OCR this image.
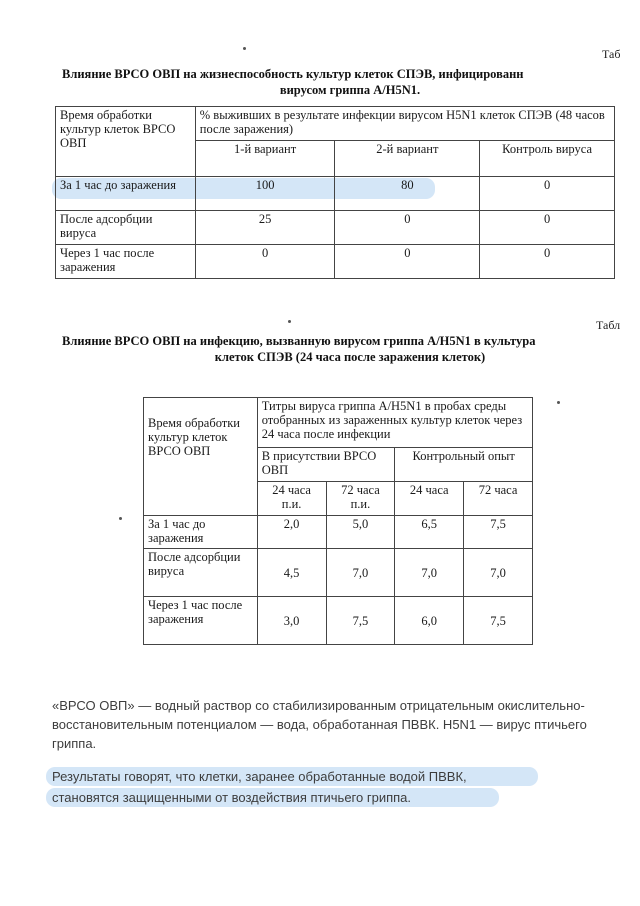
Таб
Влияние ВРСО ОВП на жизнеспособность культур клеток СПЭВ, инфицированн
вирусом гриппа А/H5N1.
Время обработки культур клеток ВРСО ОВП	% выживших в результате инфекции вирусом H5N1 клеток СПЭВ (48 часов после заражения)		
	1-й вариант	2-й вариант	Контроль вируса
За 1 час до заражения	100	80	0
После адсорбции вируса	25	0	0
Через 1 час после заражения	0	0	0
Табл
Влияние ВРСО ОВП на инфекцию, вызванную вирусом гриппа А/H5N1 в культура
клеток СПЭВ (24 часа после заражения клеток)
Время обработки культур клеток ВРСО ОВП	Титры вируса гриппа А/H5N1 в пробах среды отобранных из зараженных культур клеток через 24 часа после инфекции			
	В присутствии ВРСО ОВП		Контрольный опыт	
	24 часа п.и.	72 часа п.и.	24 часа	72 часа
За 1 час до заражения	2,0	5,0	6,5	7,5
После адсорбции вируса	4,5	7,0	7,0	7,0
Через 1 час после заражения	3,0	7,5	6,0	7,5
«ВРСО ОВП» — водный раствор со стабилизированным отрицательным окислительно-восстановительным потенциалом — вода, обработанная ПВВК. H5N1 — вирус птичьего гриппа.
Результаты говорят, что клетки, заранее обработанные водой ПВВК,
становятся защищенными от воздействия птичьего гриппа.
